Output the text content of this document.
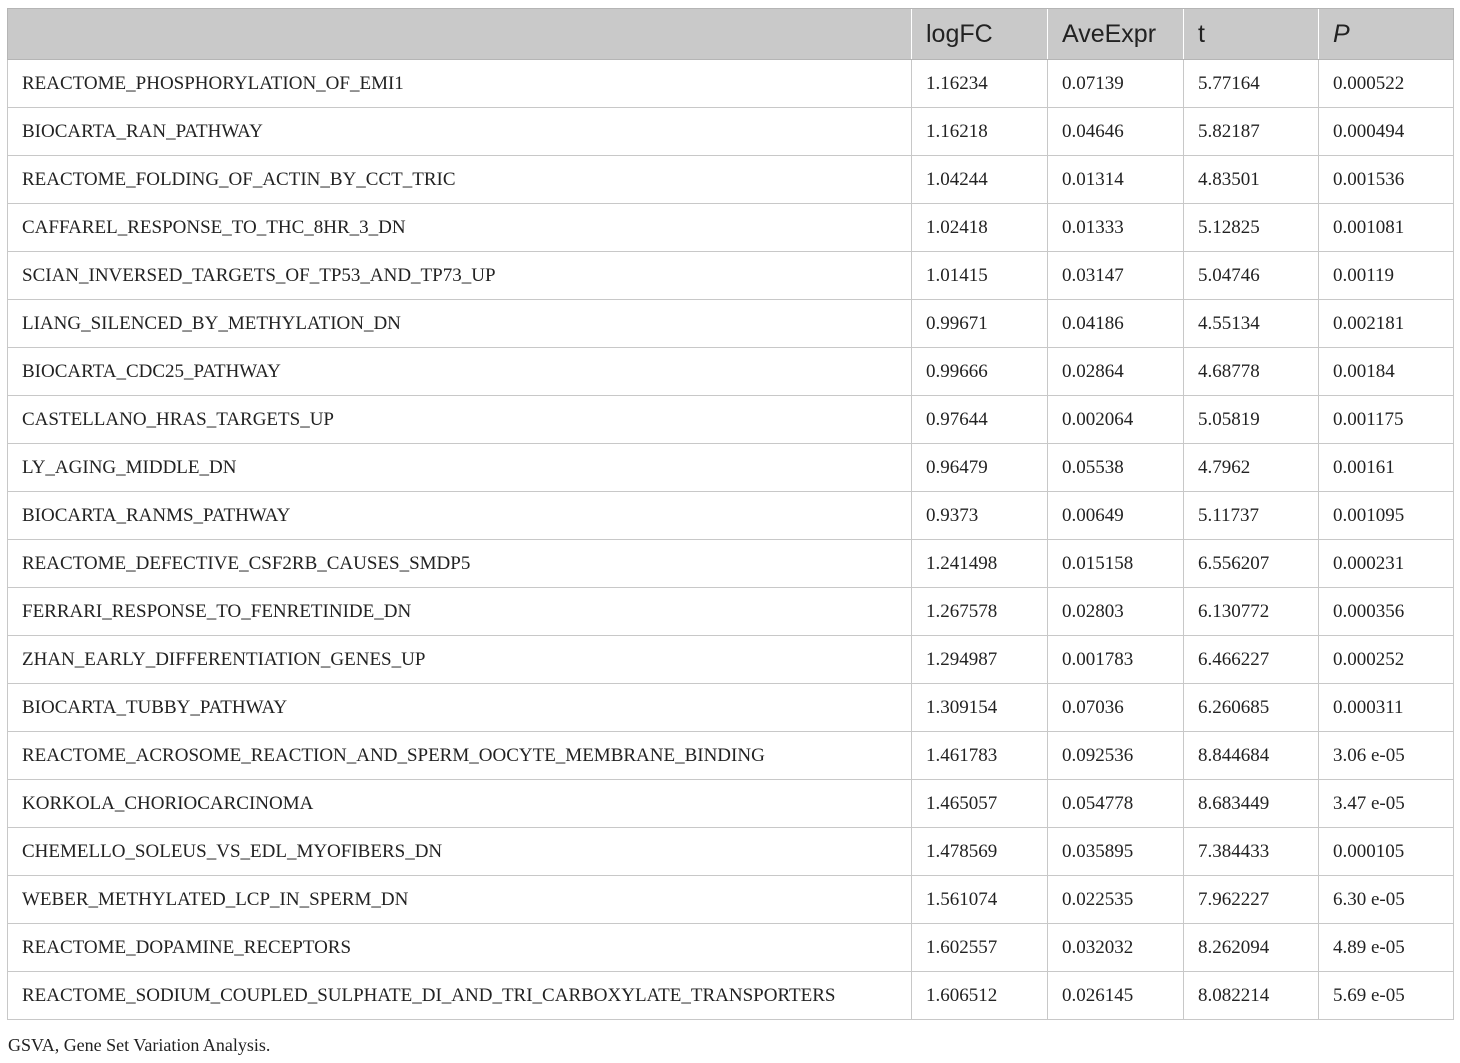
	logFC	AveExpr	t	P
REACTOME_PHOSPHORYLATION_OF_EMI1	1.16234	0.07139	5.77164	0.000522
BIOCARTA_RAN_PATHWAY	1.16218	0.04646	5.82187	0.000494
REACTOME_FOLDING_OF_ACTIN_BY_CCT_TRIC	1.04244	0.01314	4.83501	0.001536
CAFFAREL_RESPONSE_TO_THC_8HR_3_DN	1.02418	0.01333	5.12825	0.001081
SCIAN_INVERSED_TARGETS_OF_TP53_AND_TP73_UP	1.01415	0.03147	5.04746	0.00119
LIANG_SILENCED_BY_METHYLATION_DN	0.99671	0.04186	4.55134	0.002181
BIOCARTA_CDC25_PATHWAY	0.99666	0.02864	4.68778	0.00184
CASTELLANO_HRAS_TARGETS_UP	0.97644	0.002064	5.05819	0.001175
LY_AGING_MIDDLE_DN	0.96479	0.05538	4.7962	0.00161
BIOCARTA_RANMS_PATHWAY	0.9373	0.00649	5.11737	0.001095
REACTOME_DEFECTIVE_CSF2RB_CAUSES_SMDP5	1.241498	0.015158	6.556207	0.000231
FERRARI_RESPONSE_TO_FENRETINIDE_DN	1.267578	0.02803	6.130772	0.000356
ZHAN_EARLY_DIFFERENTIATION_GENES_UP	1.294987	0.001783	6.466227	0.000252
BIOCARTA_TUBBY_PATHWAY	1.309154	0.07036	6.260685	0.000311
REACTOME_ACROSOME_REACTION_AND_SPERM_OOCYTE_MEMBRANE_BINDING	1.461783	0.092536	8.844684	3.06 e-05
KORKOLA_CHORIOCARCINOMA	1.465057	0.054778	8.683449	3.47 e-05
CHEMELLO_SOLEUS_VS_EDL_MYOFIBERS_DN	1.478569	0.035895	7.384433	0.000105
WEBER_METHYLATED_LCP_IN_SPERM_DN	1.561074	0.022535	7.962227	6.30 e-05
REACTOME_DOPAMINE_RECEPTORS	1.602557	0.032032	8.262094	4.89 e-05
REACTOME_SODIUM_COUPLED_SULPHATE_DI_AND_TRI_CARBOXYLATE_TRANSPORTERS	1.606512	0.026145	8.082214	5.69 e-05
GSVA, Gene Set Variation Analysis.
